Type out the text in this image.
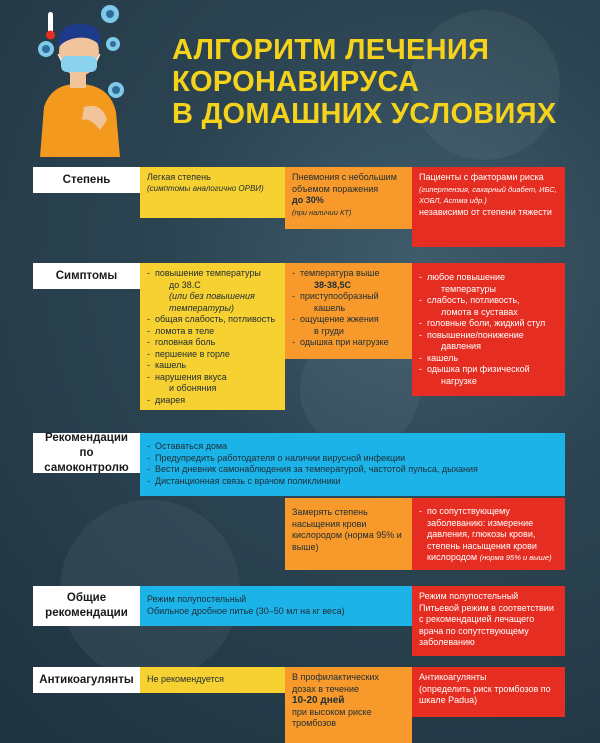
АЛГОРИТМ ЛЕЧЕНИЯ
КОРОНАВИРУСА
В ДОМАШНИХ УСЛОВИЯХ
Степень	Легкая степень

(симптомы аналогично ОРВИ)

Пневмония с небольшим объемом поражения

до 30%

(при наличии КТ)

Пациенты с факторами риска

(гипертензия, сахарный диабет, ИБС, ХОБЛ, Астма идр.)

независимо от степени тяжести

Симптомы
-	повышение температуры
до 38.С
(или без повышения температуры)
- общая слабость, потливость
- ломота в теле
- головная боль
- першение в горле
- кашель
- нарушения вкуса
и обоняния
- диарея
- температура выше
38-38,5С
- приступообразный
кашель
- ощущение жжения
в груди
- одышка при нагрузке
- любое повышение
температуры
- слабость, потливость,
ломота в суставах
- головные боли, жидкий стул
- повышение/понижение
давления
- кашель
- одышка при физической
нагрузке
Рекомендации по самоконтролю
- Оставаться дома
- Предупредить работодателя о наличии вирусной инфекции
- Вести дневник самонаблюдения за температурой, частотой пульса, дыхания
- Дистанционная связь с врачом поликлиники

Замерять степень насыщения крови кислородом (норма 95% и выше)

- по сопутствующему заболеванию: измерение давления, глюкозы крови, степень насыщения крови кислородом (норма 95% и выше)
Общие рекомендации

Режим полупостельный

Обильное дробное питье (30–50 мл на кг веса)

Режим полупостельный Питьевой режим в соответствии с рекомендацией лечащего врача по сопутствующему заболеванию

Антикоагулянты	Не рекомендуется	В профилактических дозах в течение

10-20 дней

при высоком риске тромбозов

Антикоагулянты

(определить риск тромбозов по шкале Padua)
